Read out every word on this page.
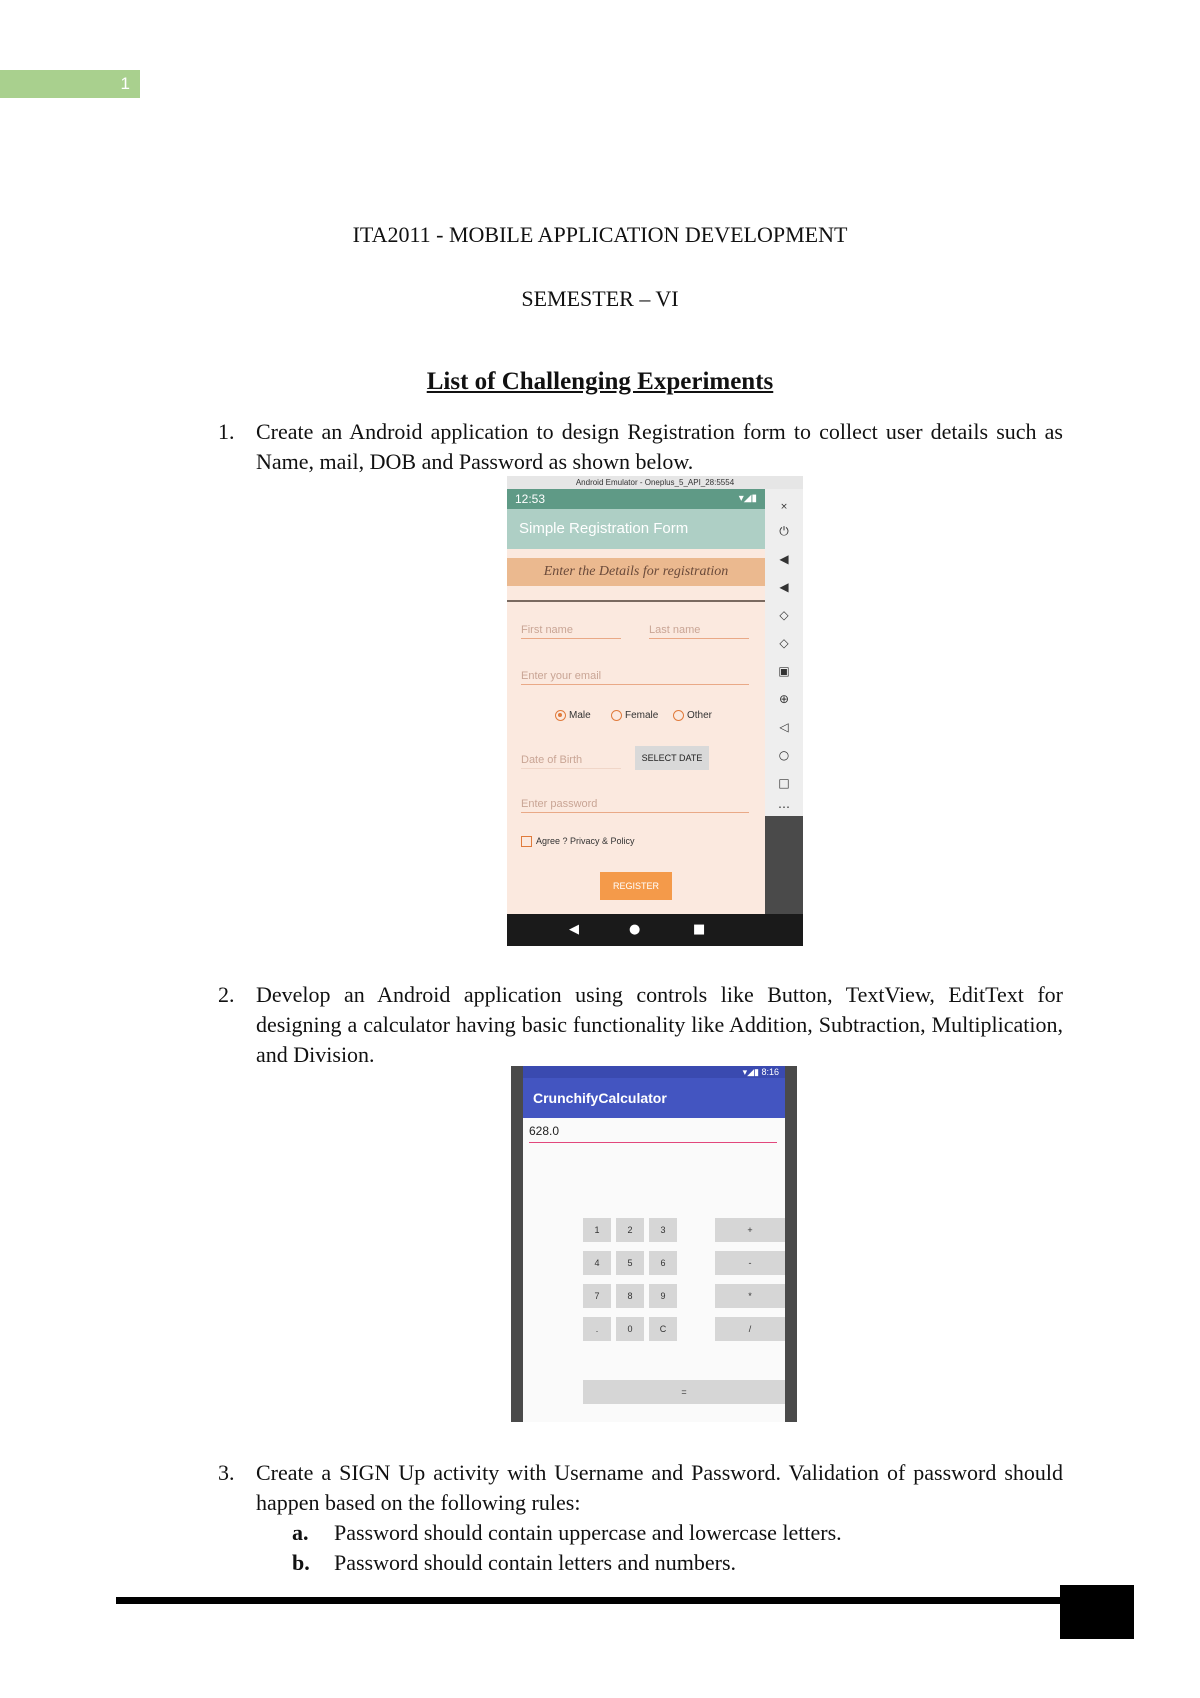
1
ITA2011 - MOBILE APPLICATION DEVELOPMENT
SEMESTER – VI
List of Challenging Experiments
1. Create an Android application to design Registration form to collect user details such as Name, mail, DOB and Password as shown below.
Android Emulator - Oneplus_5_API_28:5554
12:53	▾◢▮
Simple Registration Form
Enter the Details for registration
First name	Last name
Enter your email
Male	Female	Other
Date of Birth	SELECT DATE
Enter password
Agree ? Privacy & Policy
REGISTER
×
⏻
◀
◀
◇
◇
▣
⊕
◁
○
□
⋯
◀	●	■
2. Develop an Android application using controls like Button, TextView, EditText for designing a calculator having basic functionality like Addition, Subtraction, Multiplication, and Division.
▾◢▮ 8:16
CrunchifyCalculator
628.0
1	2	3	+
4	5	6	-
7	8	9	*
.	0	C	/
=
3. Create a SIGN Up activity with Username and Password. Validation of password should happen based on the following rules:
a. Password should contain uppercase and lowercase letters.
b. Password should contain letters and numbers.
